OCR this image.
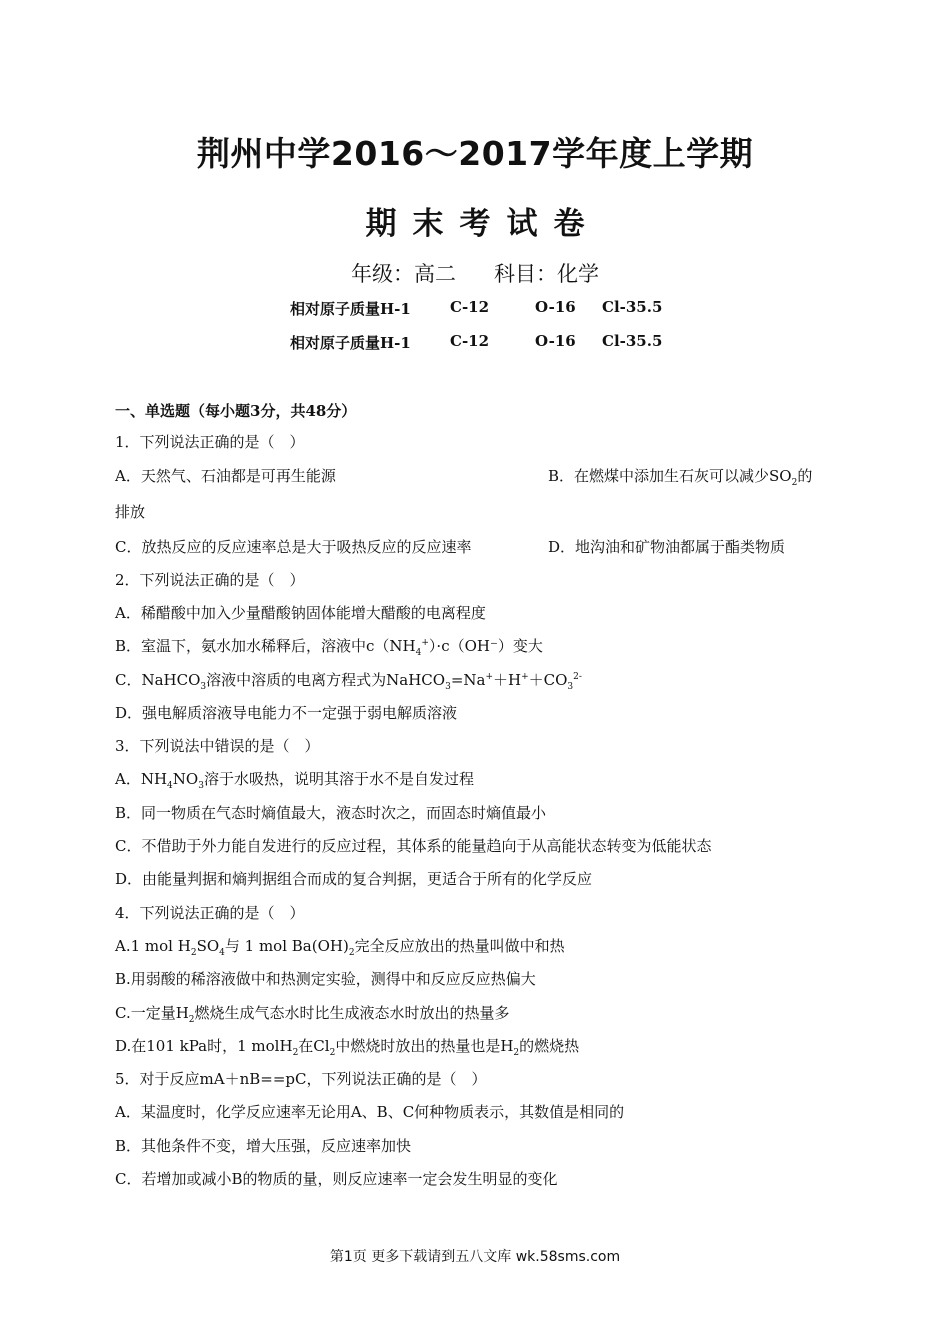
荆州中学2016～2017学年度上学期
期末考试卷
年级：高二 科目：化学
相对原子质量H-1	C-12	O-16 Cl-35.5
相对原子质量H-1	C-12	O-16 Cl-35.5
一、单选题（每小题3分，共48分）
1．下列说法正确的是（　）
A．天然气、石油都是可再生能源	B．在燃煤中添加生石灰可以减少$SO_2$的
排放
C．放热反应的反应速率总是大于吸热反应的反应速率	D．地沟油和矿物油都属于酯类物质
2．下列说法正确的是（　）
A．稀醋酸中加入少量醋酸钠固体能增大醋酸的电离程度
B．室温下，氨水加水稀释后，溶液中$c(NH_4^+)\cdot c(OH^-)$变大
C．NaHCO$_3$溶液中溶质的电离方程式为$NaHCO_3=Na^++H^++CO_3^{2-}$
D．强电解质溶液导电能力不一定强于弱电解质溶液
3．下列说法中错误的是（　）
A．$NH_4NO_3$溶于水吸热，说明其溶于水不是自发过程
B．同一物质在气态时熵值最大，液态时次之，而固态时熵值最小
C．不借助于外力能自发进行的反应过程，其体系的能量趋向于从高能状态转变为低能状态
D．由能量判据和熵判据组合而成的复合判据，更适合于所有的化学反应
4．下列说法正确的是（　）
A.1 mol $H_2SO_4$与 1 mol $Ba(OH)_2$完全反应放出的热量叫做中和热
B.用弱酸的稀溶液做中和热测定实验，测得中和反应反应热偏大
C.一定量$H_2$燃烧生成气态水时比生成液态水时放出的热量多
D.在101 kPa时，1 molH$_2$在$Cl_2$中燃烧时放出的热量也是$H_2$的燃烧热
5．对于反应mA＋nB==pC，下列说法正确的是（　）
A．某温度时，化学反应速率无论用A、B、C何种物质表示，其数值是相同的
B．其他条件不变，增大压强，反应速率加快
C．若增加或减小B的物质的量，则反应速率一定会发生明显的变化
第1页 更多下载请到五八文库 wk.58sms.com
